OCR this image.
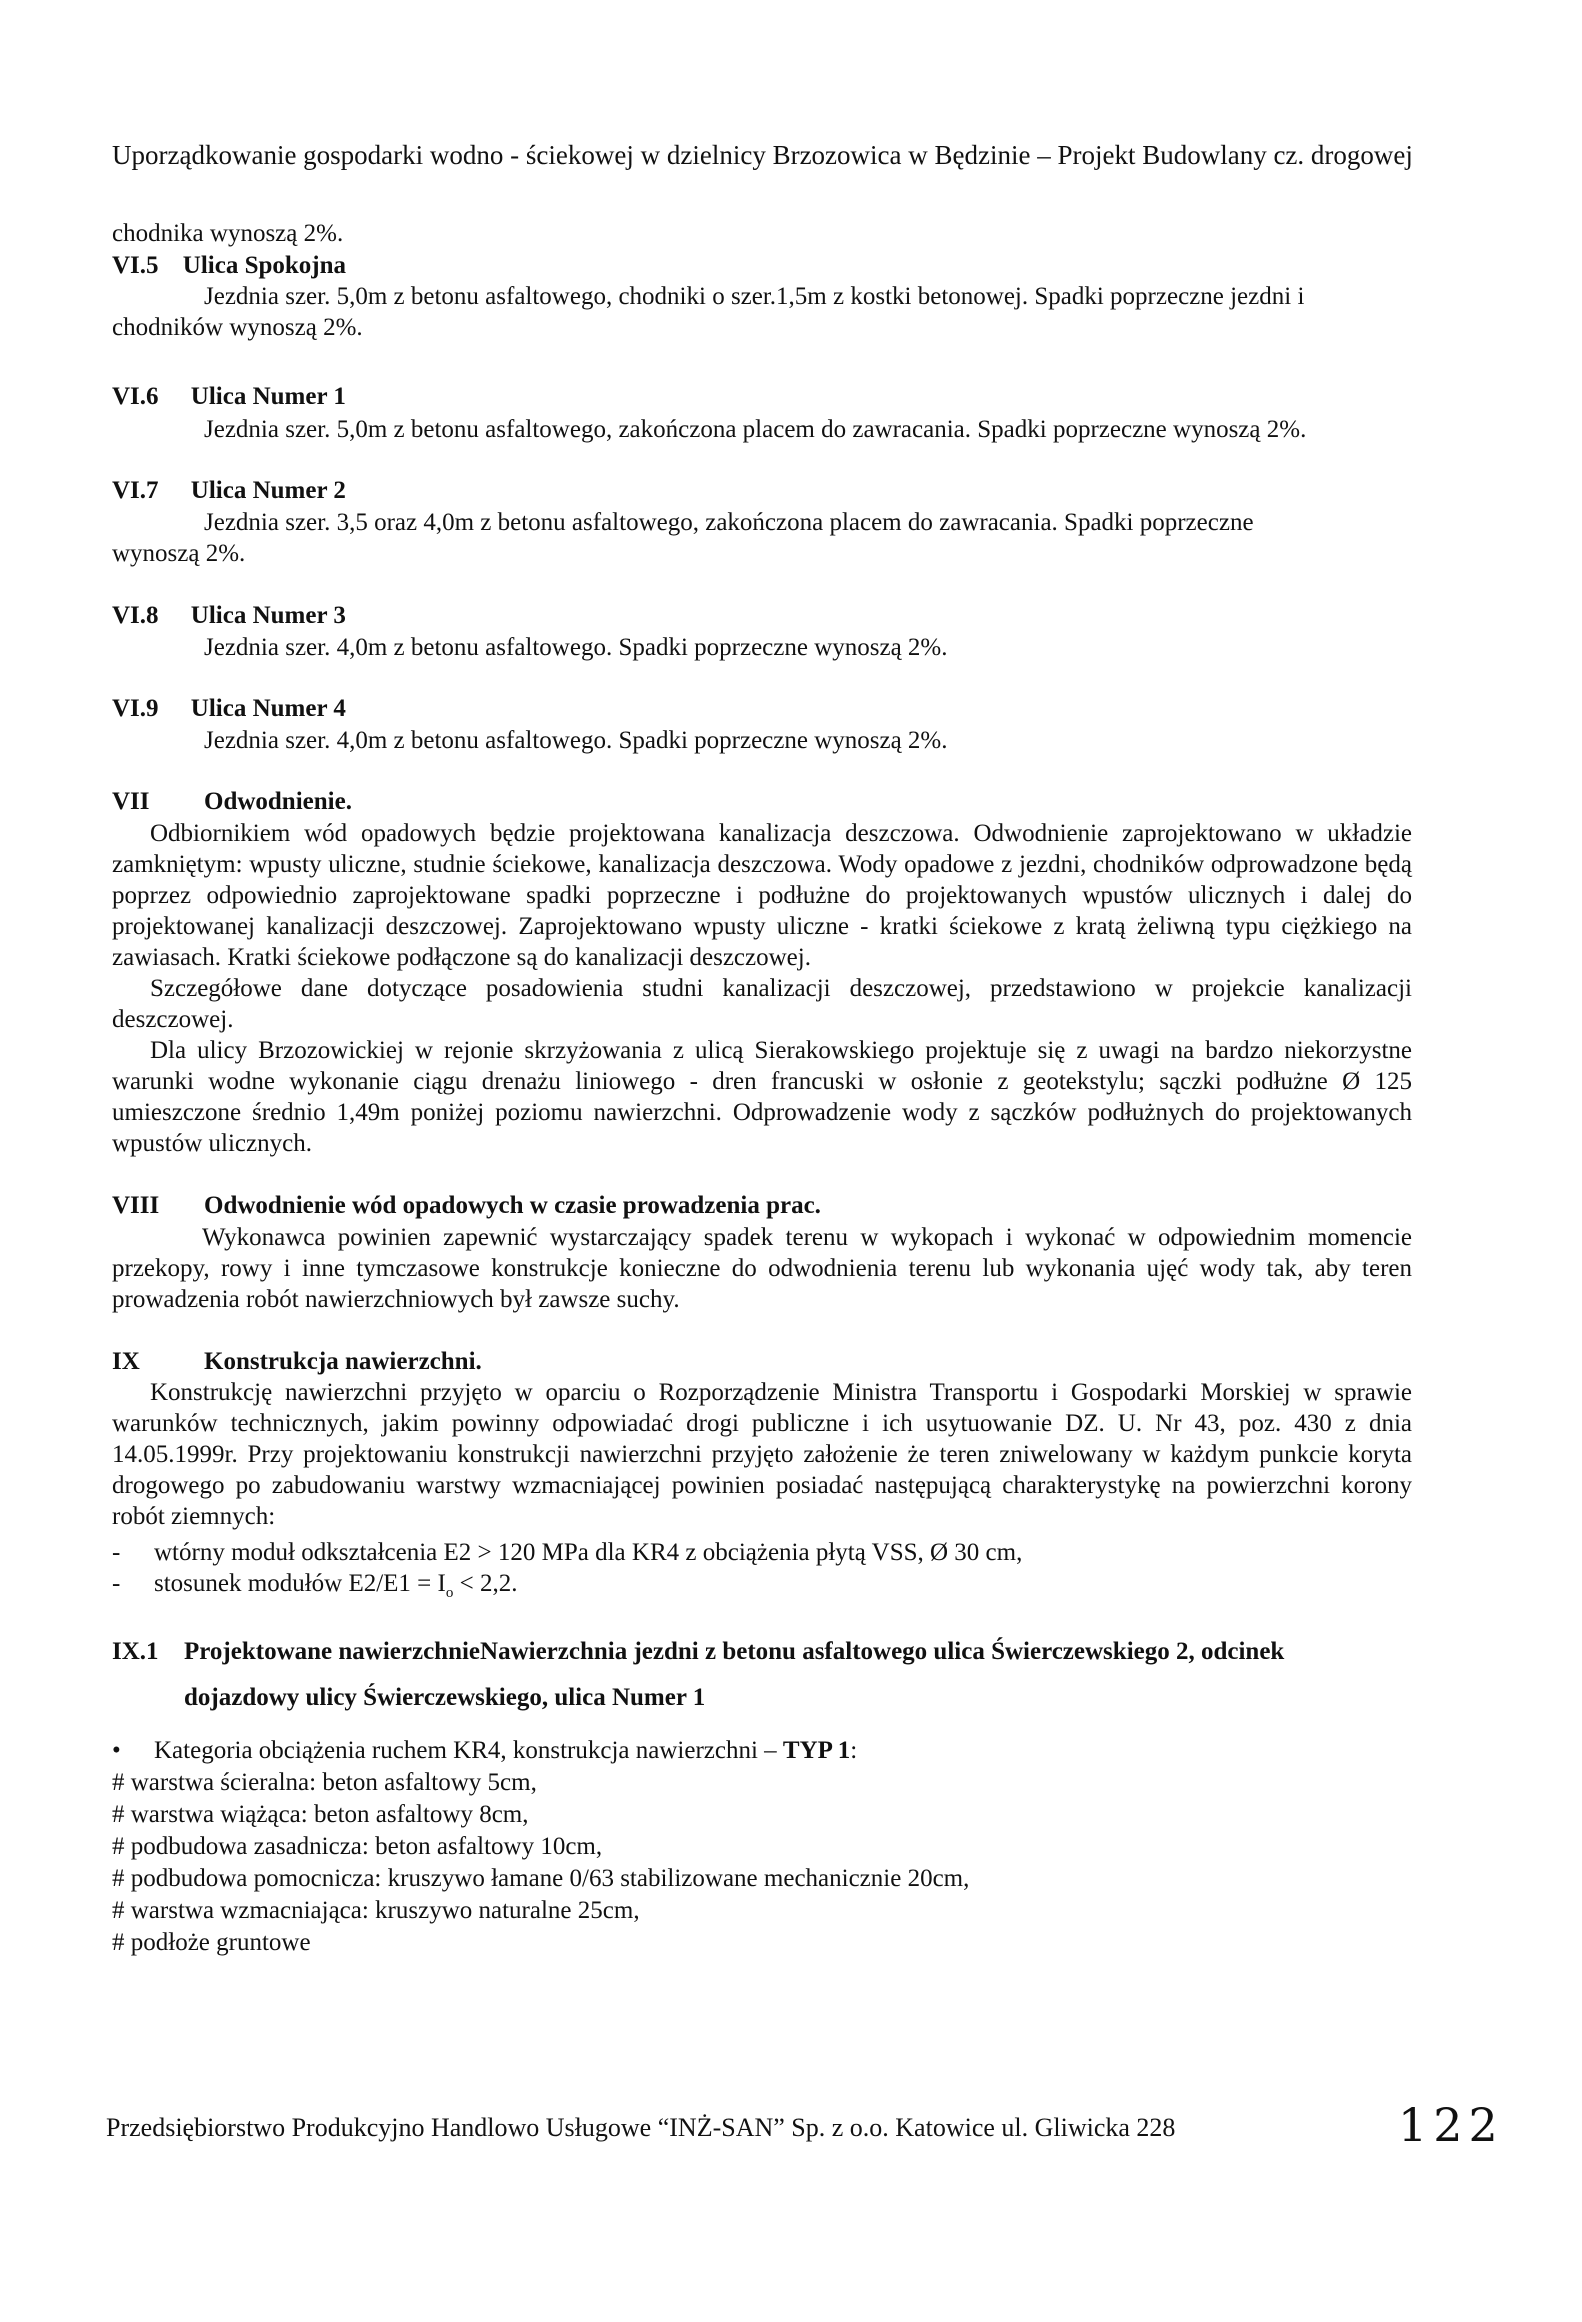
Uporządkowanie gospodarki wodno - ściekowej w dzielnicy Brzozowica w Będzinie – Projekt Budowlany cz. drogowej
chodnika wynoszą 2%.
VI.5 Ulica Spokojna
Jezdnia szer. 5,0m z betonu asfaltowego, chodniki o szer.1,5m z kostki betonowej. Spadki poprzeczne jezdni i
chodników wynoszą 2%.
VI.6 Ulica Numer 1
Jezdnia szer. 5,0m z betonu asfaltowego, zakończona placem do zawracania. Spadki poprzeczne wynoszą 2%.
VI.7 Ulica Numer 2
Jezdnia szer. 3,5 oraz 4,0m z betonu asfaltowego, zakończona placem do zawracania. Spadki poprzeczne
wynoszą 2%.
VI.8 Ulica Numer 3
Jezdnia szer. 4,0m z betonu asfaltowego. Spadki poprzeczne wynoszą 2%.
VI.9 Ulica Numer 4
Jezdnia szer. 4,0m z betonu asfaltowego. Spadki poprzeczne wynoszą 2%.
VII Odwodnienie.

Odbiornikiem wód opadowych będzie projektowana kanalizacja deszczowa. Odwodnienie zaprojektowano w układzie zamkniętym: wpusty uliczne, studnie ściekowe, kanalizacja deszczowa. Wody opadowe z jezdni, chodników odprowadzone będą poprzez odpowiednio zaprojektowane spadki poprzeczne i podłużne do projektowanych wpustów ulicznych i dalej do projektowanej kanalizacji deszczowej. Zaprojektowano wpusty uliczne - kratki ściekowe z kratą żeliwną typu ciężkiego na zawiasach. Kratki ściekowe podłączone są do kanalizacji deszczowej.

Szczegółowe dane dotyczące posadowienia studni kanalizacji deszczowej, przedstawiono w projekcie kanalizacji deszczowej.

Dla ulicy Brzozowickiej w rejonie skrzyżowania z ulicą Sierakowskiego projektuje się z uwagi na bardzo niekorzystne warunki wodne wykonanie ciągu drenażu liniowego - dren francuski w osłonie z geotekstylu; sączki podłużne Ø 125 umieszczone średnio 1,49m poniżej poziomu nawierzchni. Odprowadzenie wody z sączków podłużnych do projektowanych wpustów ulicznych.

VIII Odwodnienie wód opadowych w czasie prowadzenia prac.

Wykonawca powinien zapewnić wystarczający spadek terenu w wykopach i wykonać w odpowiednim momencie przekopy, rowy i inne tymczasowe konstrukcje konieczne do odwodnienia terenu lub wykonania ujęć wody tak, aby teren prowadzenia robót nawierzchniowych był zawsze suchy.

IX	Konstrukcja nawierzchni.

Konstrukcję nawierzchni przyjęto w oparciu o Rozporządzenie Ministra Transportu i Gospodarki Morskiej w sprawie warunków technicznych, jakim powinny odpowiadać drogi publiczne i ich usytuowanie DZ. U. Nr 43, poz. 430 z dnia 14.05.1999r. Przy projektowaniu konstrukcji nawierzchni przyjęto założenie że teren zniwelowany w każdym punkcie koryta drogowego po zabudowaniu warstwy wzmacniającej powinien posiadać następującą charakterystykę na powierzchni korony robót ziemnych:

- wtórny moduł odkształcenia E2 > 120 MPa dla KR4 z obciążenia płytą VSS, Ø 30 cm,
- stosunek modułów $E2/E1 = I_o < 2,2$.
IX.1 Projektowane nawierzchnieNawierzchnia jezdni z betonu asfaltowego ulica Świerczewskiego 2, odcinek
dojazdowy ulicy Świerczewskiego, ulica Numer 1
• Kategoria obciążenia ruchem KR4, konstrukcja nawierzchni – TYP 1:
# warstwa ścieralna: beton asfaltowy 5cm,
# warstwa wiążąca: beton asfaltowy 8cm,
# podbudowa zasadnicza: beton asfaltowy 10cm,
# podbudowa pomocnicza: kruszywo łamane 0/63 stabilizowane mechanicznie 20cm,
# warstwa wzmacniająca: kruszywo naturalne 25cm,
# podłoże gruntowe
Przedsiębiorstwo Produkcyjno Handlowo Usługowe “INŻ-SAN” Sp. z o.o. Katowice ul. Gliwicka 228	122
